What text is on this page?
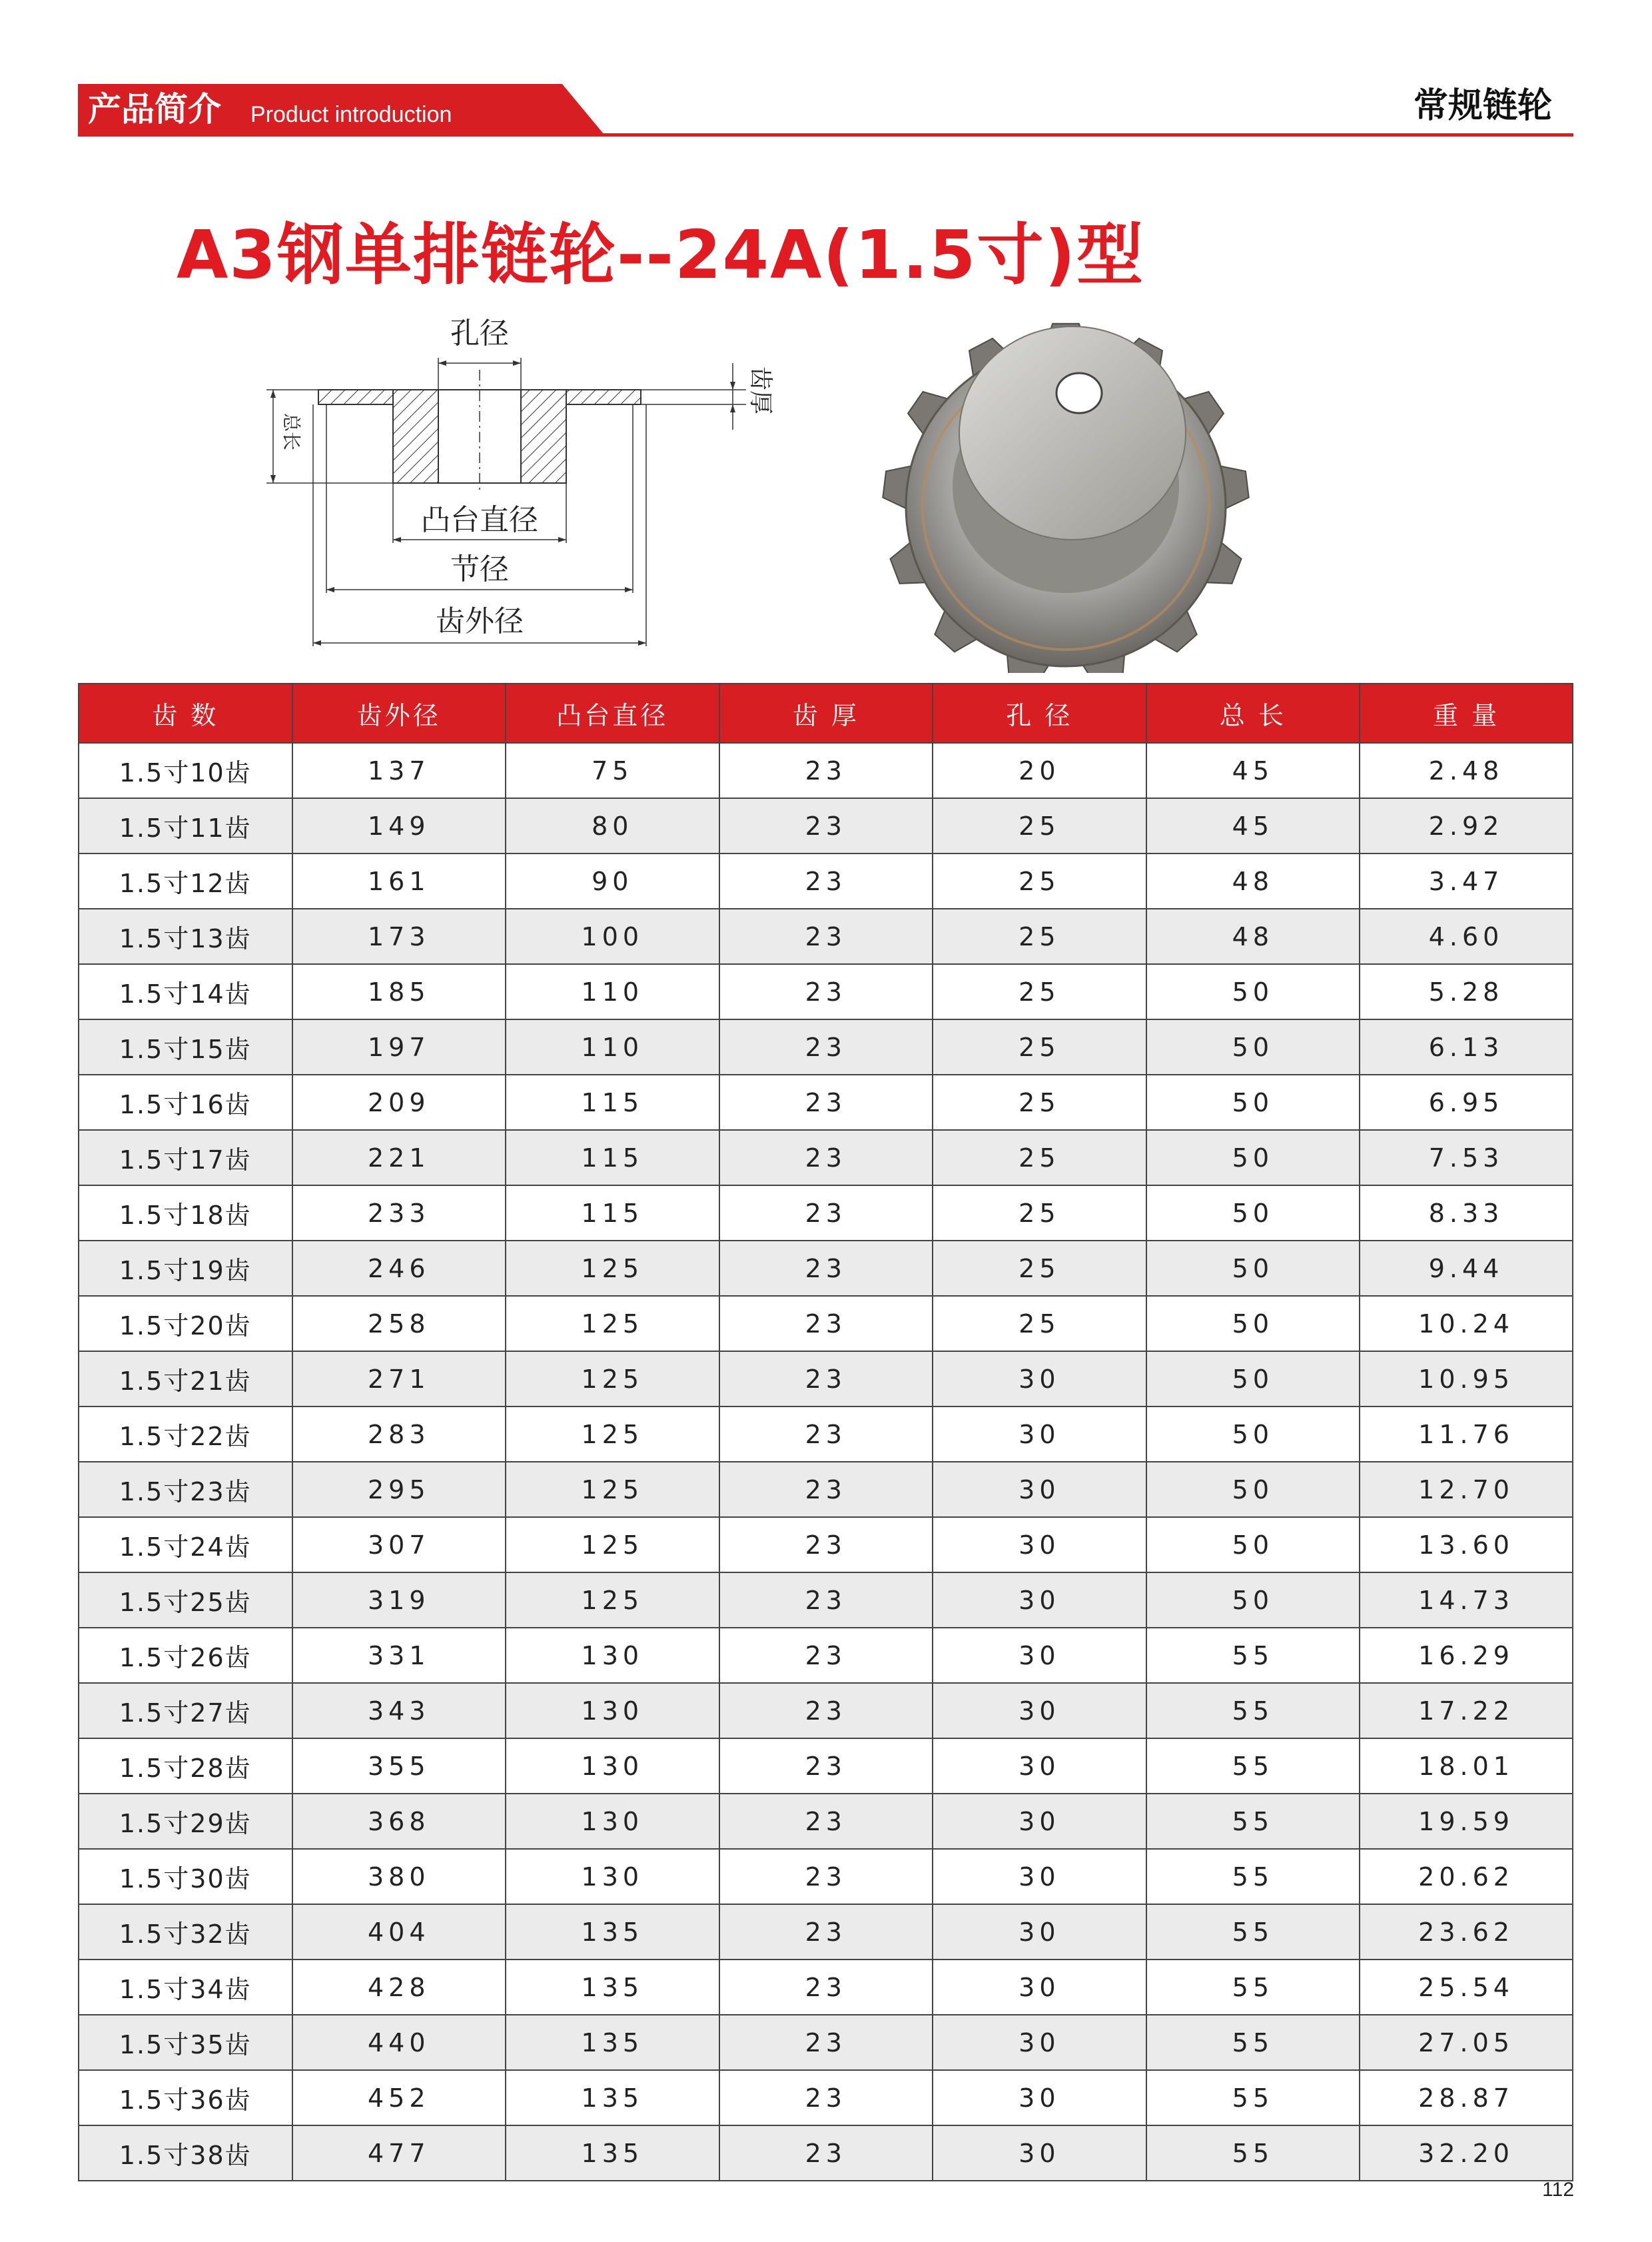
产品简介 Product introduction	常规链轮
A3钢单排链轮--24A(1.5寸)型
孔径
齿厚
总长
凸台直径
节径
齿外径
齿 数	齿外径	凸台直径	齿 厚	孔 径	总 长	重 量
1.5寸10齿	137	75	23	20	45	2.48
1.5寸11齿	149	80	23	25	45	2.92
1.5寸12齿	161	90	23	25	48	3.47
1.5寸13齿	173	100	23	25	48	4.60
1.5寸14齿	185	110	23	25	50	5.28
1.5寸15齿	197	110	23	25	50	6.13
1.5寸16齿	209	115	23	25	50	6.95
1.5寸17齿	221	115	23	25	50	7.53
1.5寸18齿	233	115	23	25	50	8.33
1.5寸19齿	246	125	23	25	50	9.44
1.5寸20齿	258	125	23	25	50	10.24
1.5寸21齿	271	125	23	30	50	10.95
1.5寸22齿	283	125	23	30	50	11.76
1.5寸23齿	295	125	23	30	50	12.70
1.5寸24齿	307	125	23	30	50	13.60
1.5寸25齿	319	125	23	30	50	14.73
1.5寸26齿	331	130	23	30	55	16.29
1.5寸27齿	343	130	23	30	55	17.22
1.5寸28齿	355	130	23	30	55	18.01
1.5寸29齿	368	130	23	30	55	19.59
1.5寸30齿	380	130	23	30	55	20.62
1.5寸32齿	404	135	23	30	55	23.62
1.5寸34齿	428	135	23	30	55	25.54
1.5寸35齿	440	135	23	30	55	27.05
1.5寸36齿	452	135	23	30	55	28.87
1.5寸38齿	477	135	23	30	55	32.20
112
